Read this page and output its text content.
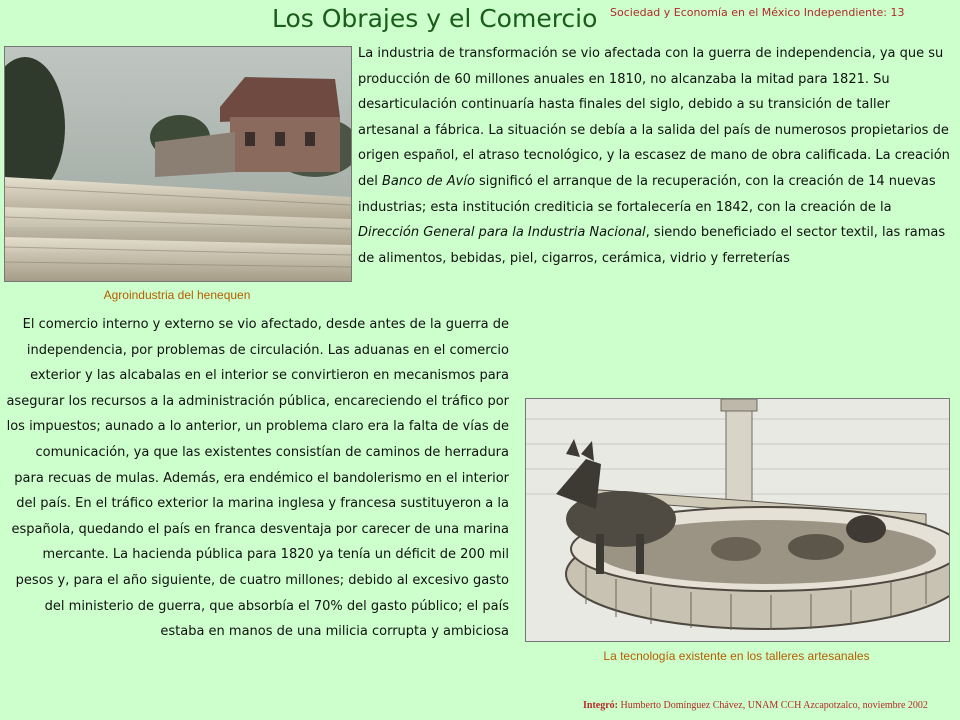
Los Obrajes y el Comercio Sociedad y Economía en el México Independiente: 13
Agroindustria del henequen

La industria de transformación se vio afectada con la guerra de independencia, ya que su producción de 60 millones anuales en 1810, no alcanzaba la mitad para 1821. Su desarticulación continuaría hasta finales del siglo, debido a su transición de taller artesanal a fábrica. La situación se debía a la salida del país de numerosos propietarios de origen español, el atraso tecnológico, y la escasez de mano de obra calificada. La creación del Banco de Avío significó el arranque de la recuperación, con la creación de 14 nuevas industrias; esta institución crediticia se fortalecería en 1842, con la creación de la Dirección General para la Industria Nacional, siendo beneficiado el sector textil, las ramas de alimentos, bebidas, piel, cigarros, cerámica, vidrio y ferreterías

El comercio interno y externo se vio afectado, desde antes de la guerra de independencia, por problemas de circulación. Las aduanas en el comercio exterior y las alcabalas en el interior se convirtieron en mecanismos para asegurar los recursos a la administración pública, encareciendo el tráfico por los impuestos; aunado a lo anterior, un problema claro era la falta de vías de comunicación, ya que las existentes consistían de caminos de herradura para recuas de mulas. Además, era endémico el bandolerismo en el interior del país. En el tráfico exterior la marina inglesa y francesa sustituyeron a la española, quedando el país en franca desventaja por carecer de una marina mercante. La hacienda pública para 1820 ya tenía un déficit de 200 mil pesos y, para el año siguiente, de cuatro millones; debido al excesivo gasto del ministerio de guerra, que absorbía el 70% del gasto público; el país estaba en manos de una milicia corrupta y ambiciosa

La tecnología existente en los talleres artesanales
Integró: Humberto Domínguez Chávez, UNAM CCH Azcapotzalco, noviembre 2002
